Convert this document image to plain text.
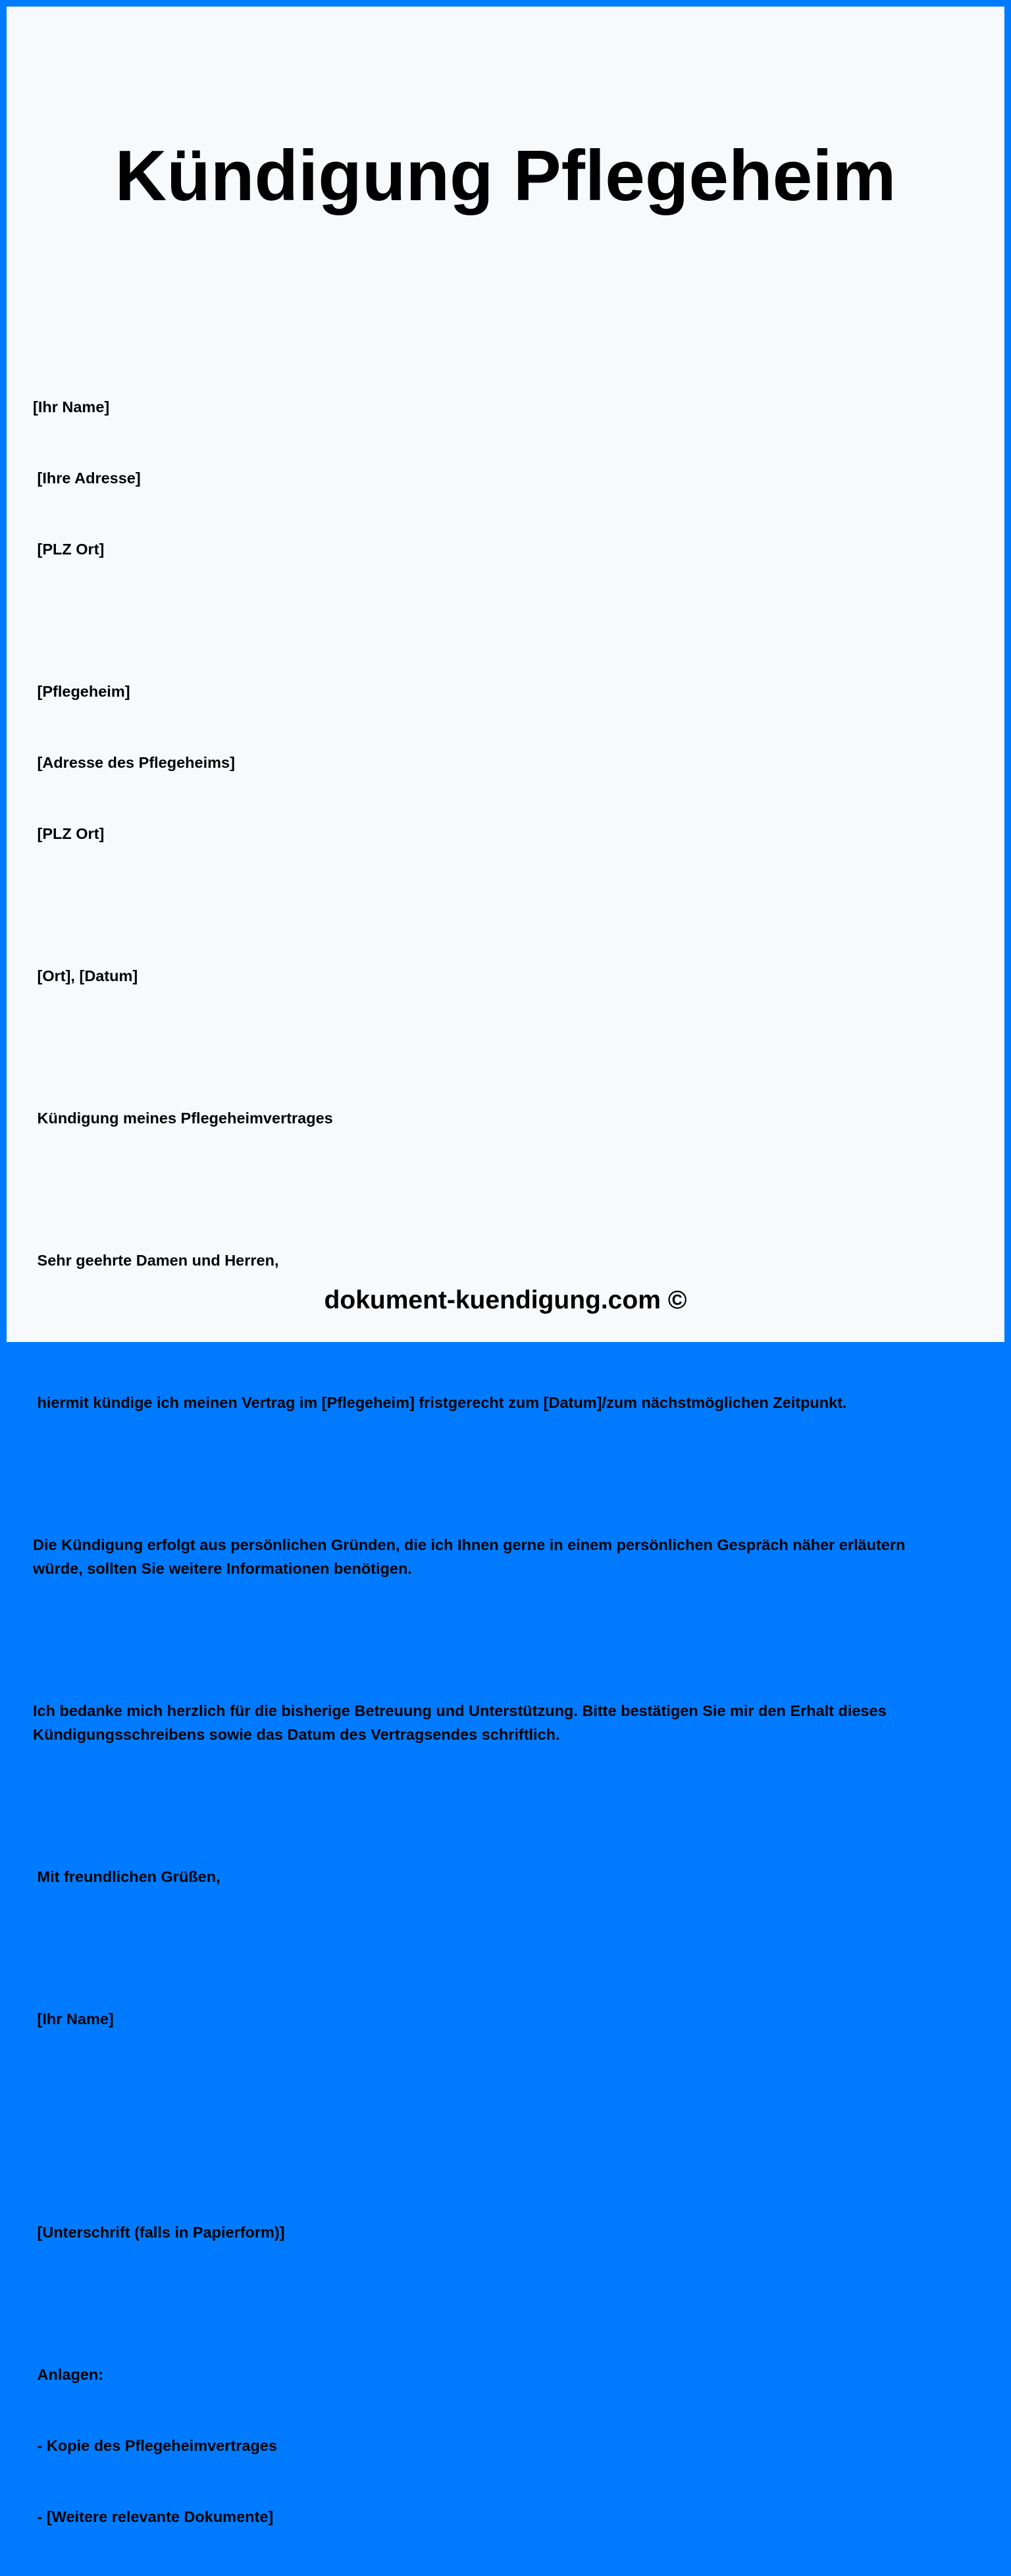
Kündigung Pflegeheim

[Ihr Name]

[Ihre Adresse]

[PLZ Ort]

[Pflegeheim]

[Adresse des Pflegeheims]

[PLZ Ort]

[Ort], [Datum]

Kündigung meines Pflegeheimvertrages

Sehr geehrte Damen und Herren,

hiermit kündige ich meinen Vertrag im [Pflegeheim] fristgerecht zum [Datum]/zum nächstmöglichen Zeitpunkt.

Die Kündigung erfolgt aus persönlichen Gründen, die ich Ihnen gerne in einem persönlichen Gespräch näher erläutern würde, sollten Sie weitere Informationen benötigen.

Ich bedanke mich herzlich für die bisherige Betreuung und Unterstützung. Bitte bestätigen Sie mir den Erhalt dieses Kündigungsschreibens sowie das Datum des Vertragsendes schriftlich.

Mit freundlichen Grüßen,

[Ihr Name]

[Unterschrift (falls in Papierform)]

Anlagen:

- Kopie des Pflegeheimvertrages

- [Weitere relevante Dokumente]

dokument-kuendigung.com ©
